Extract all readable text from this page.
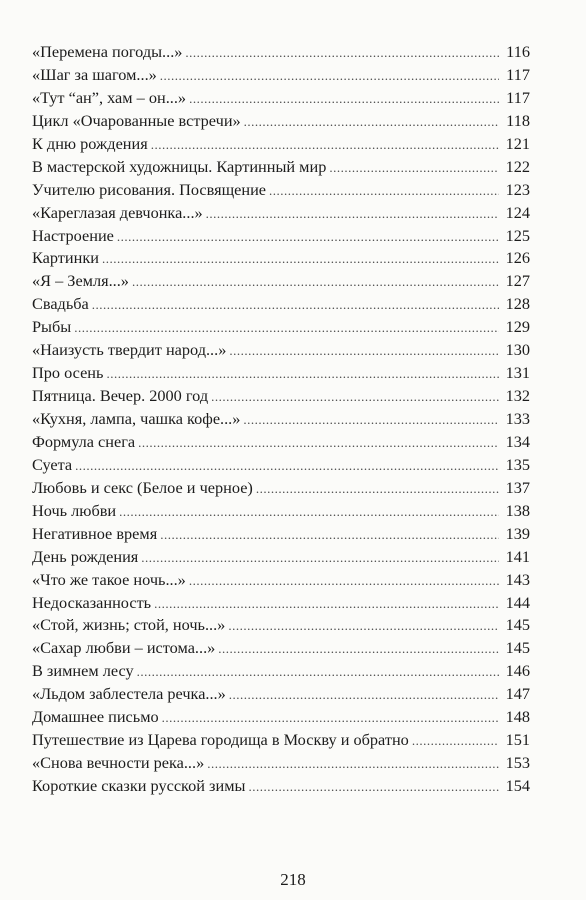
«Перемена погоды...» .....	116
«Шаг за шагом...» .....	117
«Тут “ан”, хам – он...» .....	117
Цикл «Очарованные встречи» .....	118
К дню рождения .....	121
В мастерской художницы. Картинный мир .....	122
Учителю рисования. Посвящение .....	123
«Кареглазая девчонка...» .....	124
Настроение .....	125
Картинки .....	126
«Я – Земля...» .....	127
Свадьба .....	128
Рыбы .....	129
«Наизусть твердит народ...» .....	130
Про осень .....	131
Пятница. Вечер. 2000 год .....	132
«Кухня, лампа, чашка кофе...» .....	133
Формула снега .....	134
Суета .....	135
Любовь и секс (Белое и черное) .....	137
Ночь любви .....	138
Негативное время .....	139
День рождения .....	141
«Что же такое ночь...» .....	143
Недосказанность .....	144
«Стой, жизнь; стой, ночь...» .....	145
«Сахар любви – истома...» .....	145
В зимнем лесу .....	146
«Льдом заблестела речка...» .....	147
Домашнее письмо .....	148
Путешествие из Царева городища в Москву и обратно .....	151
«Снова вечности река...» .....	153
Короткие сказки русской зимы .....	154
218
